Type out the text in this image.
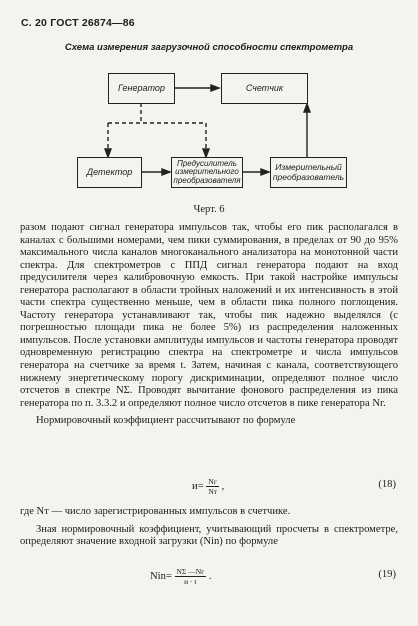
С. 20 ГОСТ 26874—86
Схема измерения загрузочной способности спектрометра
Генератор	Счетчик
Детектор
Предусилитель
измерительного
преобразователя
Измерительный
преобразователь
Черт. 6

разом подают сигнал генератора импульсов так, чтобы его пик располагался в каналах с большими номерами, чем пики суммирования, в пределах от 90 до 95% максимального числа каналов многоканального анализатора на монотонной части спектра. Для спектрометров с ППД сигнал генератора подают на вход предусилителя через калибровочную емкость. При такой настройке импульсы генератора располагают в области тройных наложений и их интенсивность в этой части спектра существенно меньше, чем в области пика полного поглощения. Частоту генератора устанавливают так, чтобы пик надежно выделялся (с погрешностью площади пика не более 5%) из распределения наложенных импульсов. После установки амплитуды импульсов и частоты генератора проводят одновременную регистрацию спектра на спектрометре и числа импульсов генератора на счетчике за время t. Затем, начиная с канала, соответствующего нижнему энергетическому порогу дискриминации, определяют полное число отсчетов в спектре NΣ. Проводят вычитание фонового распределения из пика генератора по п. 3.3.2 и определяют полное число отсчетов в пике генератора Nг.

Нормировочный коэффициент рассчитывают по формуле

$и= \frac{Nг}{Nт}$ ,	(18)

где Nт — число зарегистрированных импульсов в счетчике.

Зная нормировочный коэффициент, учитывающий просчеты в спектрометре, определяют значение входной загрузки (Nin) по формуле

$Nin= \frac{N\Sigma —Nг}{и \cdot t}$ .	(19)
